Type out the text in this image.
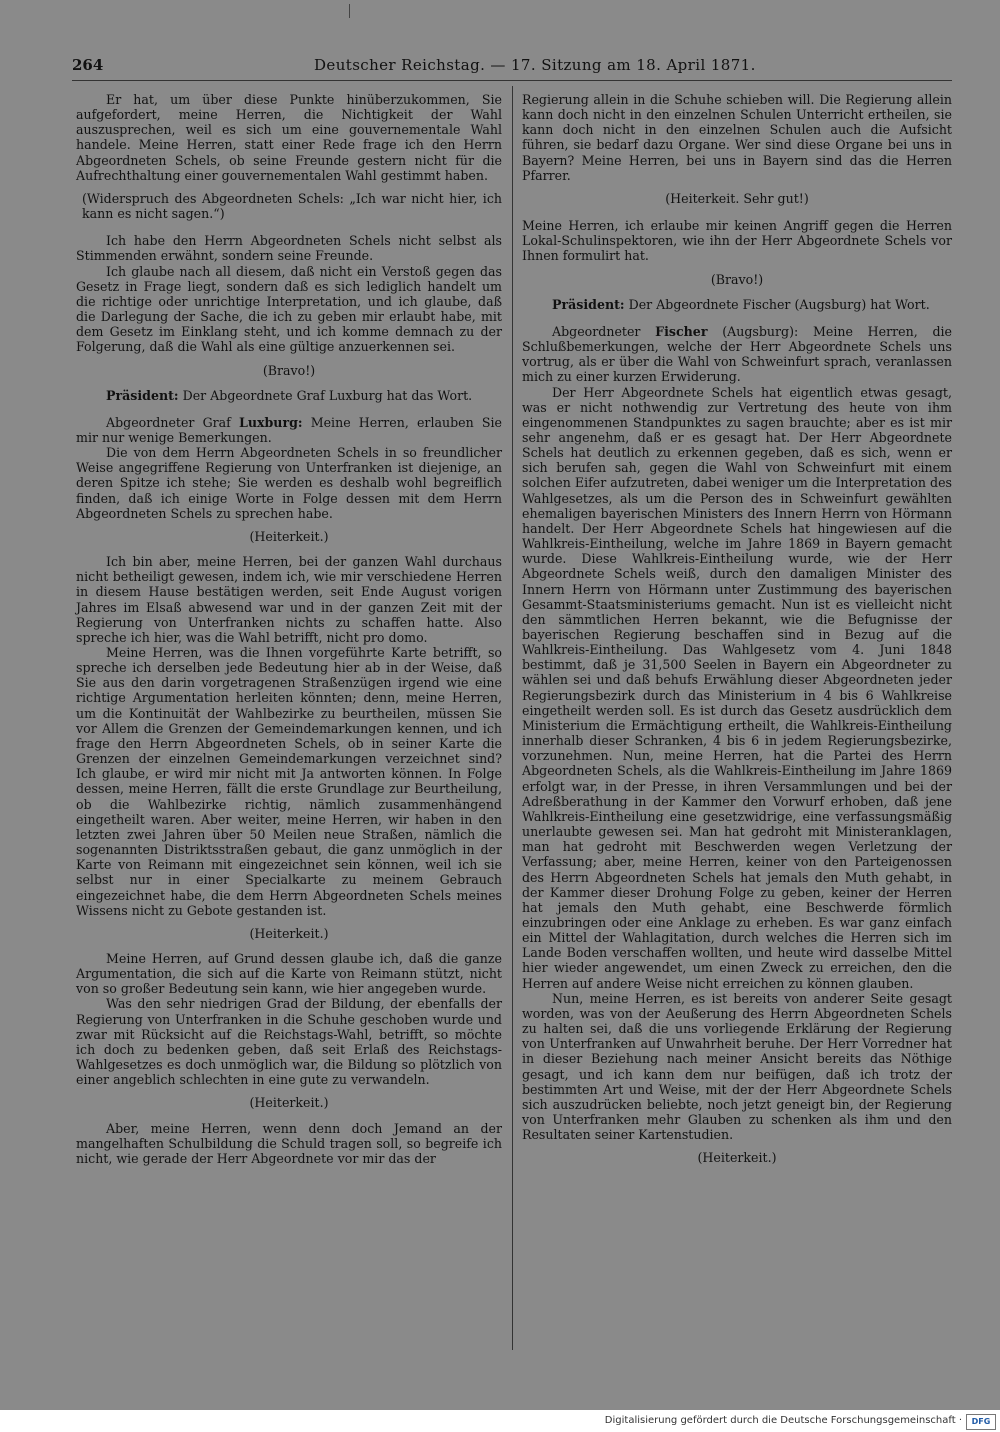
264	Deutscher Reichstag. — 17. Sitzung am 18. April 1871.

Er hat, um über diese Punkte hinüberzukommen, Sie aufgefordert, meine Herren, die Nichtigkeit der Wahl auszusprechen, weil es sich um eine gouvernementale Wahl handele. Meine Herren, statt einer Rede frage ich den Herrn Abgeordneten Schels, ob seine Freunde gestern nicht für die Aufrechthaltung einer gouvernementalen Wahl gestimmt haben.

(Widerspruch des Abgeordneten Schels: „Ich war nicht hier, ich kann es nicht sagen.“)

Ich habe den Herrn Abgeordneten Schels nicht selbst als Stimmenden erwähnt, sondern seine Freunde.

Ich glaube nach all diesem, daß nicht ein Verstoß gegen das Gesetz in Frage liegt, sondern daß es sich lediglich handelt um die richtige oder unrichtige Interpretation, und ich glaube, daß die Darlegung der Sache, die ich zu geben mir erlaubt habe, mit dem Gesetz im Einklang steht, und ich komme demnach zu der Folgerung, daß die Wahl als eine gültige anzuerkennen sei.

(Bravo!)

Präsident: Der Abgeordnete Graf Luxburg hat das Wort.

Abgeordneter Graf Luxburg: Meine Herren, erlauben Sie mir nur wenige Bemerkungen.

Die von dem Herrn Abgeordneten Schels in so freundlicher Weise angegriffene Regierung von Unterfranken ist diejenige, an deren Spitze ich stehe; Sie werden es deshalb wohl begreiflich finden, daß ich einige Worte in Folge dessen mit dem Herrn Abgeordneten Schels zu sprechen habe.

(Heiterkeit.)

Ich bin aber, meine Herren, bei der ganzen Wahl durchaus nicht betheiligt gewesen, indem ich, wie mir verschiedene Herren in diesem Hause bestätigen werden, seit Ende August vorigen Jahres im Elsaß abwesend war und in der ganzen Zeit mit der Regierung von Unterfranken nichts zu schaffen hatte. Also spreche ich hier, was die Wahl betrifft, nicht pro domo.

Meine Herren, was die Ihnen vorgeführte Karte betrifft, so spreche ich derselben jede Bedeutung hier ab in der Weise, daß Sie aus den darin vorgetragenen Straßenzügen irgend wie eine richtige Argumentation herleiten könnten; denn, meine Herren, um die Kontinuität der Wahlbezirke zu beurtheilen, müssen Sie vor Allem die Grenzen der Gemeindemarkungen kennen, und ich frage den Herrn Abgeordneten Schels, ob in seiner Karte die Grenzen der einzelnen Gemeindemarkungen verzeichnet sind? Ich glaube, er wird mir nicht mit Ja antworten können. In Folge dessen, meine Herren, fällt die erste Grundlage zur Beurtheilung, ob die Wahlbezirke richtig, nämlich zusammenhängend eingetheilt waren. Aber weiter, meine Herren, wir haben in den letzten zwei Jahren über 50 Meilen neue Straßen, nämlich die sogenannten Distriktsstraßen gebaut, die ganz unmöglich in der Karte von Reimann mit eingezeichnet sein können, weil ich sie selbst nur in einer Specialkarte zu meinem Gebrauch eingezeichnet habe, die dem Herrn Abgeordneten Schels meines Wissens nicht zu Gebote gestanden ist.

(Heiterkeit.)

Meine Herren, auf Grund dessen glaube ich, daß die ganze Argumentation, die sich auf die Karte von Reimann stützt, nicht von so großer Bedeutung sein kann, wie hier angegeben wurde.

Was den sehr niedrigen Grad der Bildung, der ebenfalls der Regierung von Unterfranken in die Schuhe geschoben wurde und zwar mit Rücksicht auf die Reichstags-Wahl, betrifft, so möchte ich doch zu bedenken geben, daß seit Erlaß des Reichstags-Wahlgesetzes es doch unmöglich war, die Bildung so plötzlich von einer angeblich schlechten in eine gute zu verwandeln.

(Heiterkeit.)

Aber, meine Herren, wenn denn doch Jemand an der mangelhaften Schulbildung die Schuld tragen soll, so begreife ich nicht, wie gerade der Herr Abgeordnete vor mir das der

Regierung allein in die Schuhe schieben will. Die Regierung allein kann doch nicht in den einzelnen Schulen Unterricht ertheilen, sie kann doch nicht in den einzelnen Schulen auch die Aufsicht führen, sie bedarf dazu Organe. Wer sind diese Organe bei uns in Bayern? Meine Herren, bei uns in Bayern sind das die Herren Pfarrer.

(Heiterkeit. Sehr gut!)

Meine Herren, ich erlaube mir keinen Angriff gegen die Herren Lokal-Schulinspektoren, wie ihn der Herr Abgeordnete Schels vor Ihnen formulirt hat.

(Bravo!)

Präsident: Der Abgeordnete Fischer (Augsburg) hat Wort.

Abgeordneter Fischer (Augsburg): Meine Herren, die Schlußbemerkungen, welche der Herr Abgeordnete Schels uns vortrug, als er über die Wahl von Schweinfurt sprach, veranlassen mich zu einer kurzen Erwiderung.

Der Herr Abgeordnete Schels hat eigentlich etwas gesagt, was er nicht nothwendig zur Vertretung des heute von ihm eingenommenen Standpunktes zu sagen brauchte; aber es ist mir sehr angenehm, daß er es gesagt hat. Der Herr Abgeordnete Schels hat deutlich zu erkennen gegeben, daß es sich, wenn er sich berufen sah, gegen die Wahl von Schweinfurt mit einem solchen Eifer aufzutreten, dabei weniger um die Interpretation des Wahlgesetzes, als um die Person des in Schweinfurt gewählten ehemaligen bayerischen Ministers des Innern Herrn von Hörmann handelt. Der Herr Abgeordnete Schels hat hingewiesen auf die Wahlkreis-Eintheilung, welche im Jahre 1869 in Bayern gemacht wurde. Diese Wahlkreis-Eintheilung wurde, wie der Herr Abgeordnete Schels weiß, durch den damaligen Minister des Innern Herrn von Hörmann unter Zustimmung des bayerischen Gesammt-Staatsministeriums gemacht. Nun ist es vielleicht nicht den sämmtlichen Herren bekannt, wie die Befugnisse der bayerischen Regierung beschaffen sind in Bezug auf die Wahlkreis-Eintheilung. Das Wahlgesetz vom 4. Juni 1848 bestimmt, daß je 31,500 Seelen in Bayern ein Abgeordneter zu wählen sei und daß behufs Erwählung dieser Abgeordneten jeder Regierungsbezirk durch das Ministerium in 4 bis 6 Wahlkreise eingetheilt werden soll. Es ist durch das Gesetz ausdrücklich dem Ministerium die Ermächtigung ertheilt, die Wahlkreis-Eintheilung innerhalb dieser Schranken, 4 bis 6 in jedem Regierungsbezirke, vorzunehmen. Nun, meine Herren, hat die Partei des Herrn Abgeordneten Schels, als die Wahlkreis-Eintheilung im Jahre 1869 erfolgt war, in der Presse, in ihren Versammlungen und bei der Adreßberathung in der Kammer den Vorwurf erhoben, daß jene Wahlkreis-Eintheilung eine gesetzwidrige, eine verfassungsmäßig unerlaubte gewesen sei. Man hat gedroht mit Ministeranklagen, man hat gedroht mit Beschwerden wegen Verletzung der Verfassung; aber, meine Herren, keiner von den Parteigenossen des Herrn Abgeordneten Schels hat jemals den Muth gehabt, in der Kammer dieser Drohung Folge zu geben, keiner der Herren hat jemals den Muth gehabt, eine Beschwerde förmlich einzubringen oder eine Anklage zu erheben. Es war ganz einfach ein Mittel der Wahlagitation, durch welches die Herren sich im Lande Boden verschaffen wollten, und heute wird dasselbe Mittel hier wieder angewendet, um einen Zweck zu erreichen, den die Herren auf andere Weise nicht erreichen zu können glauben.

Nun, meine Herren, es ist bereits von anderer Seite gesagt worden, was von der Aeußerung des Herrn Abgeordneten Schels zu halten sei, daß die uns vorliegende Erklärung der Regierung von Unterfranken auf Unwahrheit beruhe. Der Herr Vorredner hat in dieser Beziehung nach meiner Ansicht bereits das Nöthige gesagt, und ich kann dem nur beifügen, daß ich trotz der bestimmten Art und Weise, mit der der Herr Abgeordnete Schels sich auszudrücken beliebte, noch jetzt geneigt bin, der Regierung von Unterfranken mehr Glauben zu schenken als ihm und den Resultaten seiner Kartenstudien.

(Heiterkeit.)

Digitalisierung gefördert durch die Deutsche Forschungsgemeinschaft ·	DFG
